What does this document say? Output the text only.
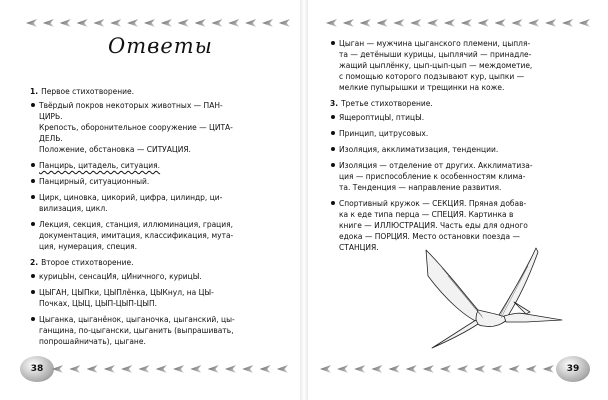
Ответы
1. Первое стихотворение.
Твёрдый покров некоторых животных — ПАН-
ЦИРЬ.
Крепость, оборонительное сооружение — ЦИТА-
ДЕЛЬ.
Положение, обстановка — СИТУАЦИЯ.
Панцирь, цитадель, ситуация.
Панцирный, ситуационный.
Цирк, циновка, цикорий, цифра, цилиндр, ци-
вилизация, цикл.
Лекция, секция, станция, иллюминация, грация,
документация, имитация, классификация, мута-
ция, нумерация, специя.
2. Второе стихотворение.
курицЫн, сенсацИя, цИничного, курицЫ.
ЦЫГАН, ЦЫПки, ЦЫПлёнка, ЦЫКнул, на ЦЫ-
Почках, ЦЫЦ, ЦЫП-ЦЫП-ЦЫП.
Цыганка, цыганёнок, цыганочка, цыганский, цы-
ганщина, по-цыгански, цыганить (выпрашивать,
попрошайничать), цыгане.
38
Цыган — мужчина цыганского племени, цыпля-
та — детёныши курицы, цыплячий — принадле-
жащий цыплёнку, цып-цып-цып — междометие,
с помощью которого подзывают кур, цыпки —
мелкие пупырышки и трещинки на коже.
3. Третье стихотворение.
ЯщероптицЫ, птицЫ.
Принцип, цитрусовых.
Изоляция, акклиматизация, тенденции.
Изоляция — отделение от других. Акклиматиза-
ция — приспособление к особенностям клима-
та. Тенденция — направление развития.
Спортивный кружок — СЕКЦИЯ. Пряная добав-
ка к еде типа перца — СПЕЦИЯ. Картинка в
книге — ИЛЛЮСТРАЦИЯ. Часть еды для одного
едока — ПОРЦИЯ. Место остановки поезда —
СТАНЦИЯ.
39
